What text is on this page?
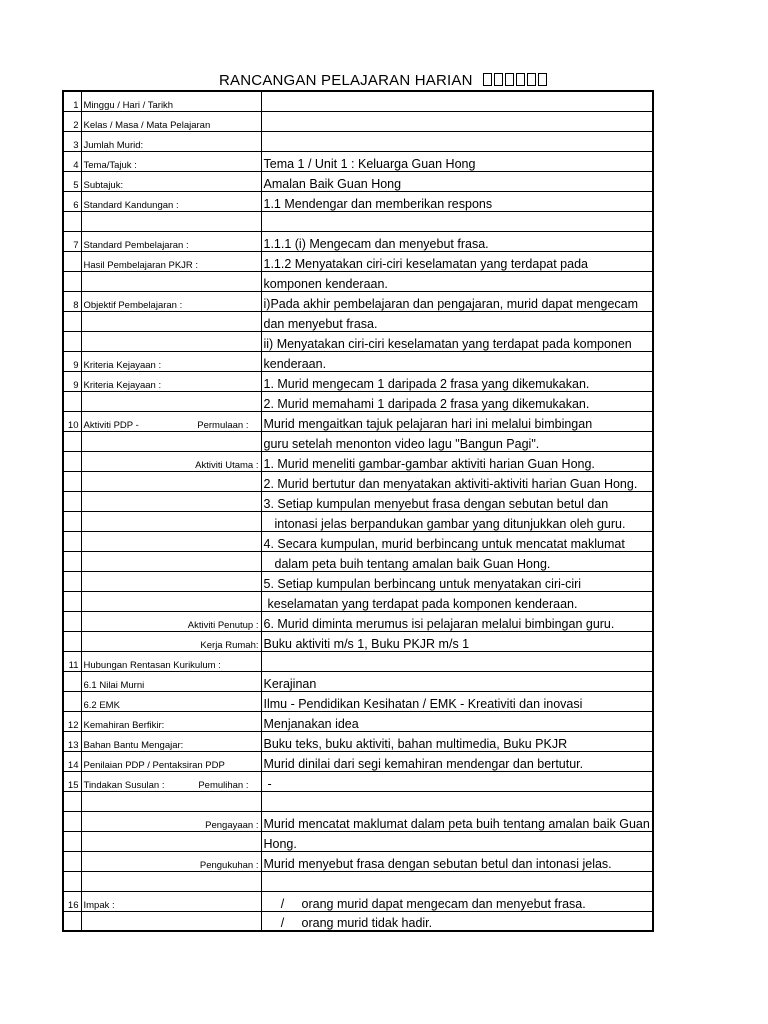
RANCANGAN PELAJARAN HARIAN
1	Minggu / Hari / Tarikh	
2	Kelas / Masa / Mata Pelajaran	
3	Jumlah Murid:	
4	Tema/Tajuk :	Tema 1 / Unit 1 : Keluarga Guan Hong
5	Subtajuk:	Amalan Baik Guan Hong
6	Standard Kandungan :	1.1 Mendengar dan memberikan respons

7	Standard Pembelajaran :	1.1.1 (i) Mengecam dan menyebut frasa.
	Hasil Pembelajaran PKJR :	1.1.2 Menyatakan ciri-ciri keselamatan yang terdapat pada
		komponen kenderaan.
8	Objektif Pembelajaran :	i)Pada akhir pembelajaran dan pengajaran, murid dapat mengecam
		dan menyebut frasa.
		ii) Menyatakan ciri-ciri keselamatan yang terdapat pada komponen
9	Kriteria Kejayaan :	kenderaan.
9	Kriteria Kejayaan :	1. Murid mengecam 1 daripada 2 frasa yang dikemukakan.
		2. Murid memahami 1 daripada 2 frasa yang dikemukakan.
10	Aktiviti PDP - Permulaan :	Murid mengaitkan tajuk pelajaran hari ini melalui bimbingan
		guru setelah menonton video lagu "Bangun Pagi".
	Aktiviti Utama :	1. Murid meneliti gambar-gambar aktiviti harian Guan Hong.
		2. Murid bertutur dan menyatakan aktiviti-aktiviti harian Guan Hong.
		3. Setiap kumpulan menyebut frasa dengan sebutan betul dan
		intonasi jelas berpandukan gambar yang ditunjukkan oleh guru.
		4. Secara kumpulan, murid berbincang untuk mencatat maklumat
		dalam peta buih tentang amalan baik Guan Hong.
		5. Setiap kumpulan berbincang untuk menyatakan ciri-ciri
		keselamatan yang terdapat pada komponen kenderaan.
	Aktiviti Penutup :	6. Murid diminta merumus isi pelajaran melalui bimbingan guru.
	Kerja Rumah:	Buku aktiviti m/s 1, Buku PKJR m/s 1
11	Hubungan Rentasan Kurikulum :	
	6.1 Nilai Murni	Kerajinan
	6.2 EMK	Ilmu - Pendidikan Kesihatan / EMK - Kreativiti dan inovasi
12	Kemahiran Berfikir:	Menjanakan idea
13	Bahan Bantu Mengajar:	Buku teks, buku aktiviti, bahan multimedia, Buku PKJR
14	Penilaian PDP / Pentaksiran PDP	Murid dinilai dari segi kemahiran mendengar dan bertutur.
15	Tindakan Susulan : Pemulihan :	-

	Pengayaan :	Murid mencatat maklumat dalam peta buih tentang amalan baik Guan
		Hong.
	Pengukuhan :	Murid menyebut frasa dengan sebutan betul dan intonasi jelas.

16	Impak :	/ orang murid dapat mengecam dan menyebut frasa.
		/ orang murid tidak hadir.
